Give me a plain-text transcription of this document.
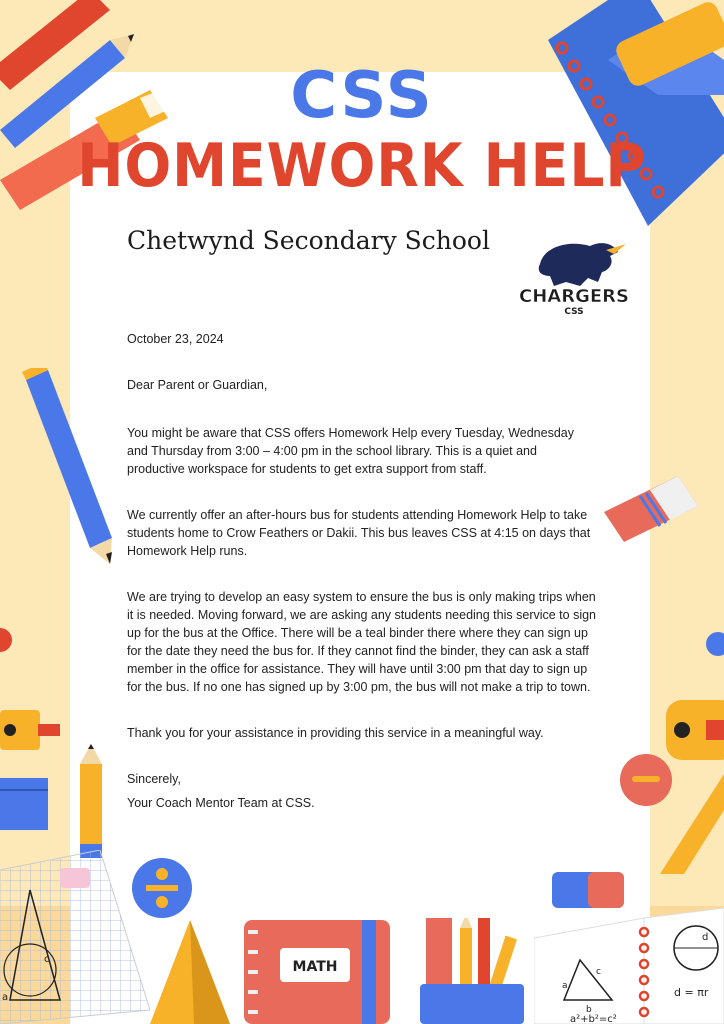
c
a
MATH	c
a
b
a²+b²=c²
d
d = πr
CSS
HOMEWORK HELP
Chetwynd Secondary School
CHARGERS
CSS

October 23, 2024

Dear Parent or Guardian,

You might be aware that CSS offers Homework Help every Tuesday, Wednesday and Thursday from 3:00 – 4:00 pm in the school library. This is a quiet and productive workspace for students to get extra support from staff.

We currently offer an after-hours bus for students attending Homework Help to take students home to Crow Feathers or Dakii. This bus leaves CSS at 4:15 on days that Homework Help runs.

We are trying to develop an easy system to ensure the bus is only making trips when it is needed. Moving forward, we are asking any students needing this service to sign up for the bus at the Office. There will be a teal binder there where they can sign up for the date they need the bus for. If they cannot find the binder, they can ask a staff member in the office for assistance. They will have until 3:00 pm that day to sign up for the bus. If no one has signed up by 3:00 pm, the bus will not make a trip to town.

Thank you for your assistance in providing this service in a meaningful way.

Sincerely,

Your Coach Mentor Team at CSS.
